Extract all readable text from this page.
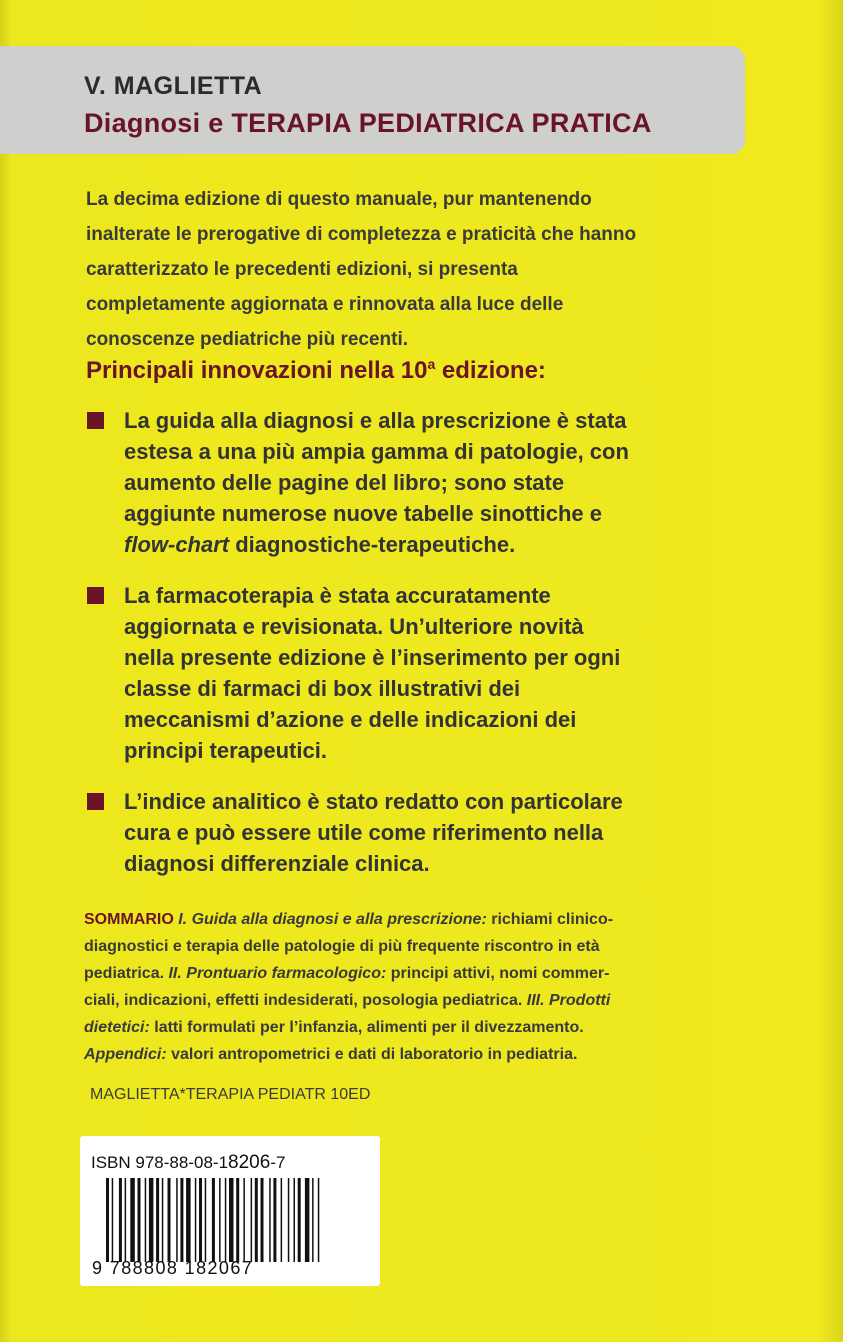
V. MAGLIETTA
Diagnosi e TERAPIA PEDIATRICA PRATICA

La decima edizione di questo manuale, pur mantenendo
inalterate le prerogative di completezza e praticità che hanno
caratterizzato le precedenti edizioni, si presenta
completamente aggiornata e rinnovata alla luce delle
conoscenze pediatriche più recenti.

Principali innovazioni nella 10$^a$ edizione:
La guida alla diagnosi e alla prescrizione è stata
estesa a una più ampia gamma di patologie, con
aumento delle pagine del libro; sono state
aggiunte numerose nuove tabelle sinottiche e
flow-chart diagnostiche-terapeutiche.
La farmacoterapia è stata accuratamente
aggiornata e revisionata. Un’ulteriore novità
nella presente edizione è l’inserimento per ogni
classe di farmaci di box illustrativi dei
meccanismi d’azione e delle indicazioni dei
principi terapeutici.
L’indice analitico è stato redatto con particolare
cura e può essere utile come riferimento nella
diagnosi differenziale clinica.

SOMMARIO I. Guida alla diagnosi e alla prescrizione: richiami clinico-
diagnostici e terapia delle patologie di più frequente riscontro in età
pediatrica. II. Prontuario farmacologico: principi attivi, nomi commer-
ciali, indicazioni, effetti indesiderati, posologia pediatrica. III. Prodotti
dietetici: latti formulati per l’infanzia, alimenti per il divezzamento.
Appendici: valori antropometrici e dati di laboratorio in pediatria.

MAGLIETTA*TERAPIA PEDIATR 10ED

ISBN 978-88-08-18206-7

9 788808 182067
